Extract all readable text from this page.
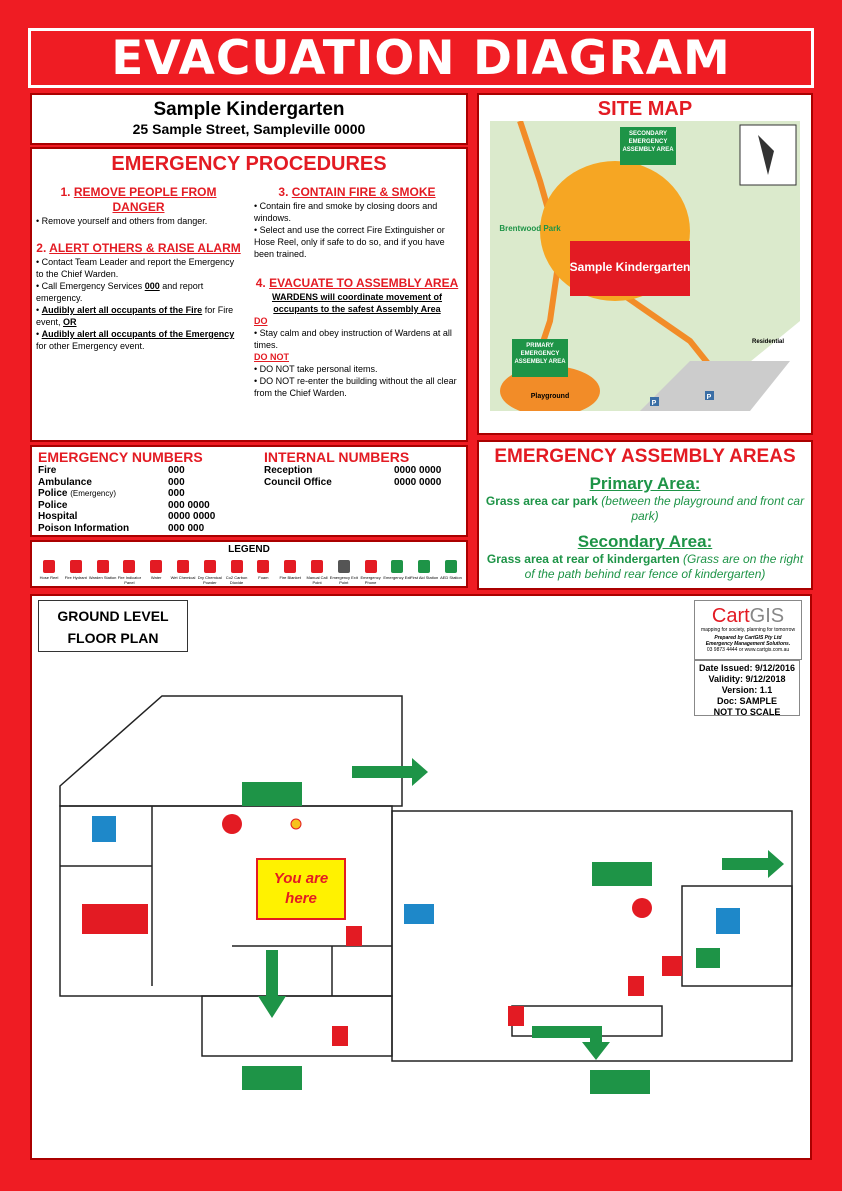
EVACUATION DIAGRAM
Sample Kindergarten
25 Sample Street, Sampleville 0000
EMERGENCY PROCEDURES
1. REMOVE PEOPLE FROM DANGER

• Remove yourself and others from danger.

2. ALERT OTHERS & RAISE ALARM

• Contact Team Leader and report the Emergency to the Chief Warden.

• Call Emergency Services 000 and report emergency.

• Audibly alert all occupants of the Fire for Fire event, OR

• Audibly alert all occupants of the Emergency for other Emergency event.

3. CONTAIN FIRE & SMOKE

• Contain fire and smoke by closing doors and windows.

• Select and use the correct Fire Extinguisher or Hose Reel, only if safe to do so, and if you have been trained.

4. EVACUATE TO ASSEMBLY AREA

WARDENS will coordinate movement of occupants to the safest Assembly Area

DO

• Stay calm and obey instruction of Wardens at all times.

DO NOT

• DO NOT take personal items.

• DO NOT re-enter the building without the all clear from the Chief Warden.

EMERGENCY NUMBERS
Fire	000
Ambulance	000
Police (Emergency)	000
Police	000 0000
Hospital	0000 0000
Poison Information	000 000
INTERNAL NUMBERS
Reception	0000 0000
Council Office	0000 0000
LEGEND
Hose Reel	Fire Hydrant Warden Station Fire Indicator Panel
Water	Wet Chemical Dry Chemical Powder
Co2 Carbon Dioxide
Foam	Fire Blanket	Manual Call Point
Emergency Exit Point
Emergency Phone
Emergency Exit
First Aid Station AED Station
SITE MAP
Sample Kindergarten
Playground
P
P
Brentwood Park
Residential
SECONDARY EMERGENCY ASSEMBLY AREA
PRIMARY EMERGENCY ASSEMBLY AREA
EMERGENCY ASSEMBLY AREAS
Primary Area:
Grass area car park (between the playground and front car park)
Secondary Area:
Grass area at rear of kindergarten (Grass are on the right of the path behind rear fence of kindergarten)
GROUND LEVEL
FLOOR PLAN
CartGIS
mapping for society, planning for tomorrow
Prepared by CartGIS Pty Ltd
Emergency Management Solutions.
03 9873 4444 or www.cartgis.com.au
Date Issued: 9/12/2016
Validity: 9/12/2018
Version: 1.1
Doc: SAMPLE
NOT TO SCALE
You are
here
